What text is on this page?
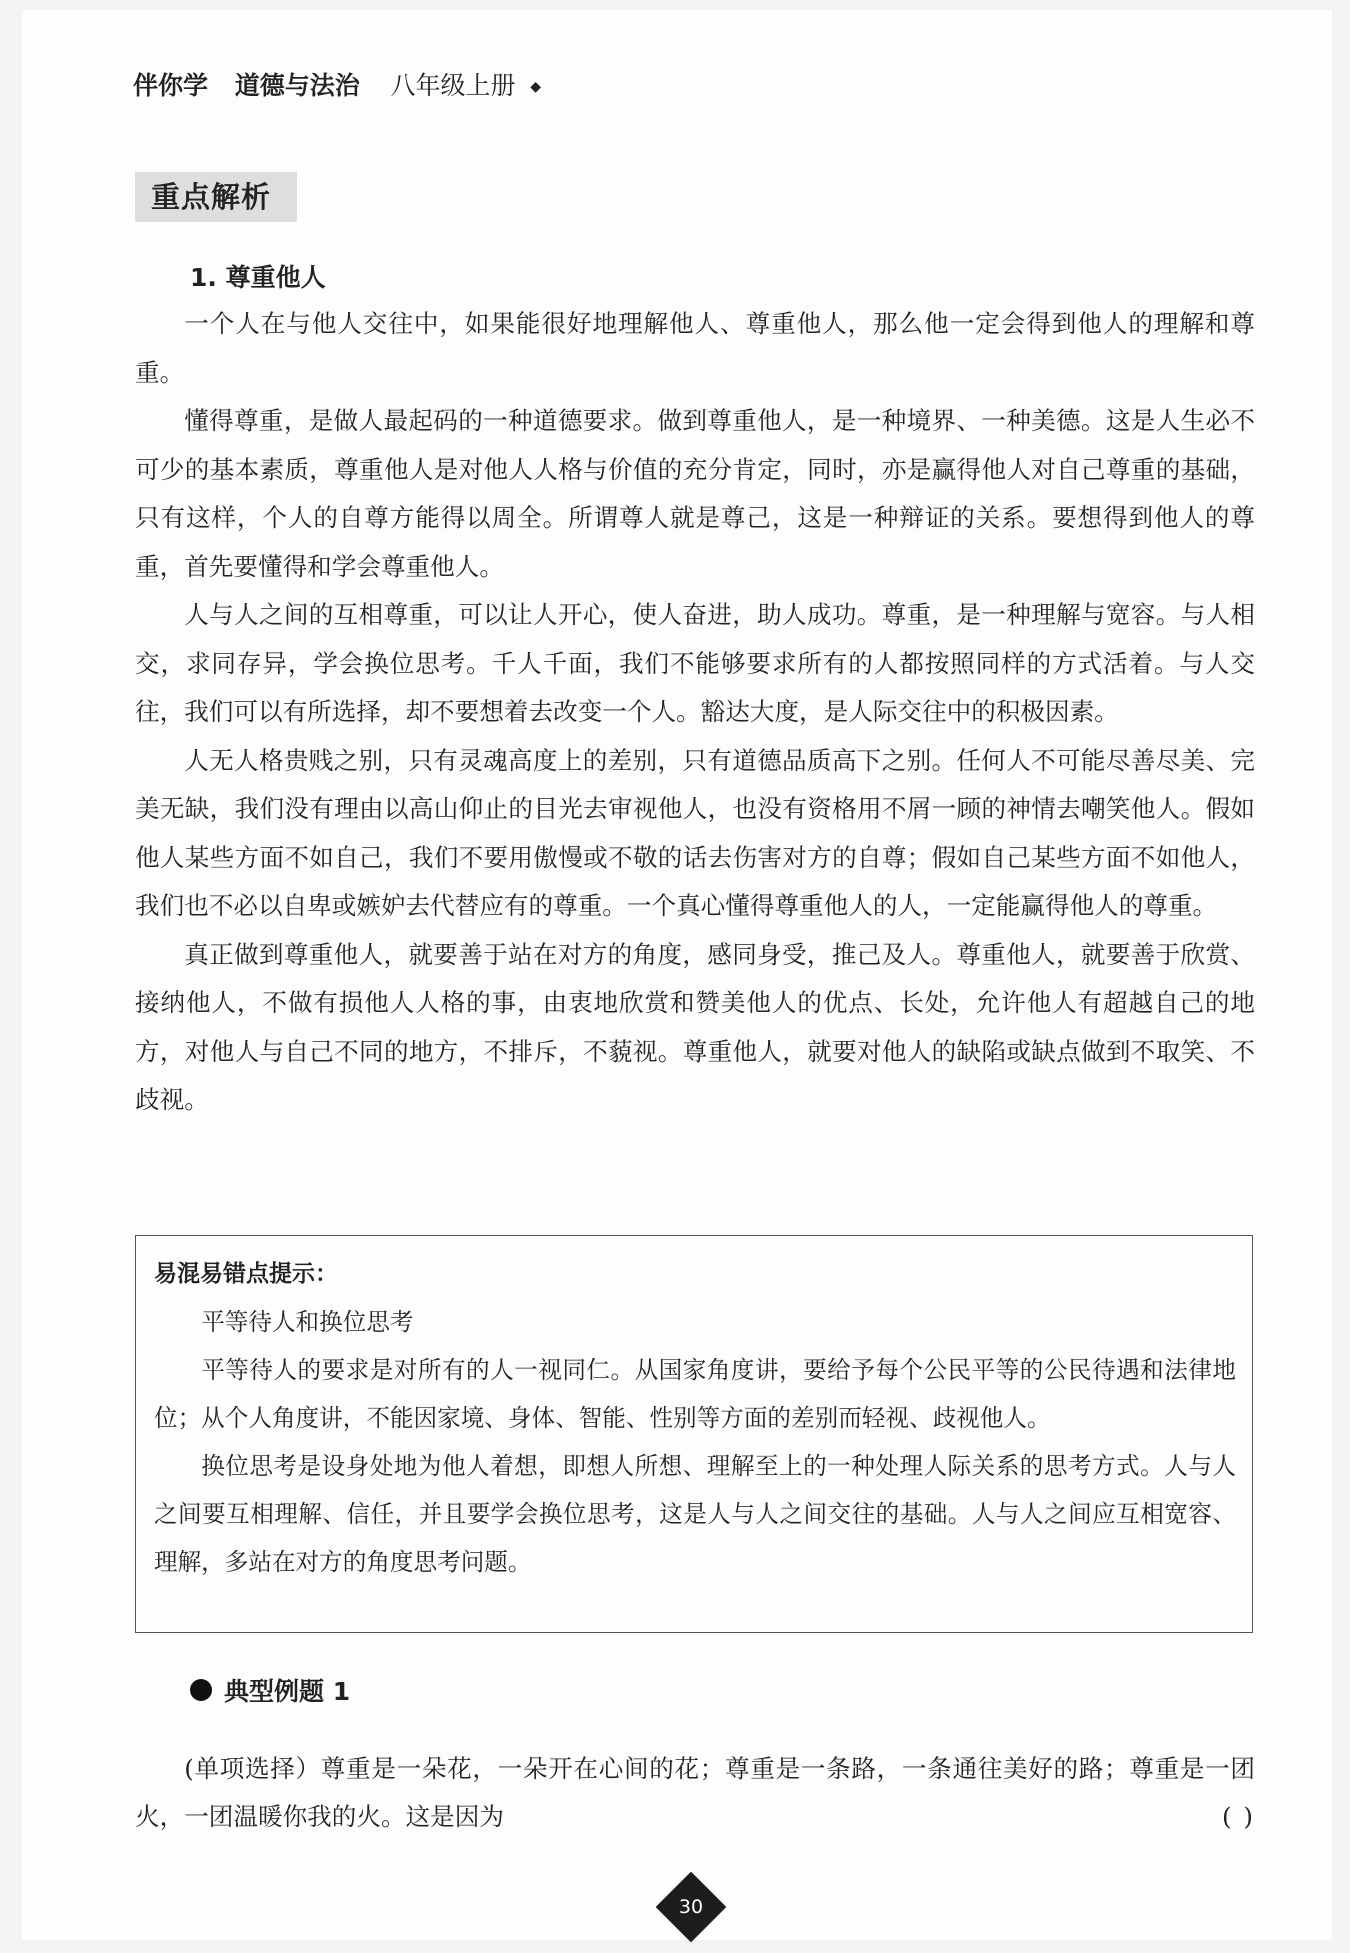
伴你学 道德与法治 八年级上册 ◆
重点解析
1. 尊重他人

一个人在与他人交往中，如果能很好地理解他人、尊重他人，那么他一定会得到他人的理解和尊重。

懂得尊重，是做人最起码的一种道德要求。做到尊重他人，是一种境界、一种美德。这是人生必不可少的基本素质，尊重他人是对他人人格与价值的充分肯定，同时，亦是赢得他人对自己尊重的基础，只有这样，个人的自尊方能得以周全。所谓尊人就是尊己，这是一种辩证的关系。要想得到他人的尊重，首先要懂得和学会尊重他人。

人与人之间的互相尊重，可以让人开心，使人奋进，助人成功。尊重，是一种理解与宽容。与人相交，求同存异，学会换位思考。千人千面，我们不能够要求所有的人都按照同样的方式活着。与人交往，我们可以有所选择，却不要想着去改变一个人。豁达大度，是人际交往中的积极因素。

人无人格贵贱之别，只有灵魂高度上的差别，只有道德品质高下之别。任何人不可能尽善尽美、完美无缺，我们没有理由以高山仰止的目光去审视他人，也没有资格用不屑一顾的神情去嘲笑他人。假如他人某些方面不如自己，我们不要用傲慢或不敬的话去伤害对方的自尊；假如自己某些方面不如他人，我们也不必以自卑或嫉妒去代替应有的尊重。一个真心懂得尊重他人的人，一定能赢得他人的尊重。

真正做到尊重他人，就要善于站在对方的角度，感同身受，推己及人。尊重他人，就要善于欣赏、接纳他人，不做有损他人人格的事，由衷地欣赏和赞美他人的优点、长处，允许他人有超越自己的地方，对他人与自己不同的地方，不排斥，不藐视。尊重他人，就要对他人的缺陷或缺点做到不取笑、不歧视。

易混易错点提示：

平等待人和换位思考

平等待人的要求是对所有的人一视同仁。从国家角度讲，要给予每个公民平等的公民待遇和法律地位；从个人角度讲，不能因家境、身体、智能、性别等方面的差别而轻视、歧视他人。

换位思考是设身处地为他人着想，即想人所想、理解至上的一种处理人际关系的思考方式。人与人之间要互相理解、信任，并且要学会换位思考，这是人与人之间交往的基础。人与人之间应互相宽容、理解，多站在对方的角度思考问题。

典型例题 1

(单项选择）尊重是一朵花，一朵开在心间的花；尊重是一条路，一条通往美好的路；尊重是一团火，一团温暖你我的火。这是因为	( )
30
